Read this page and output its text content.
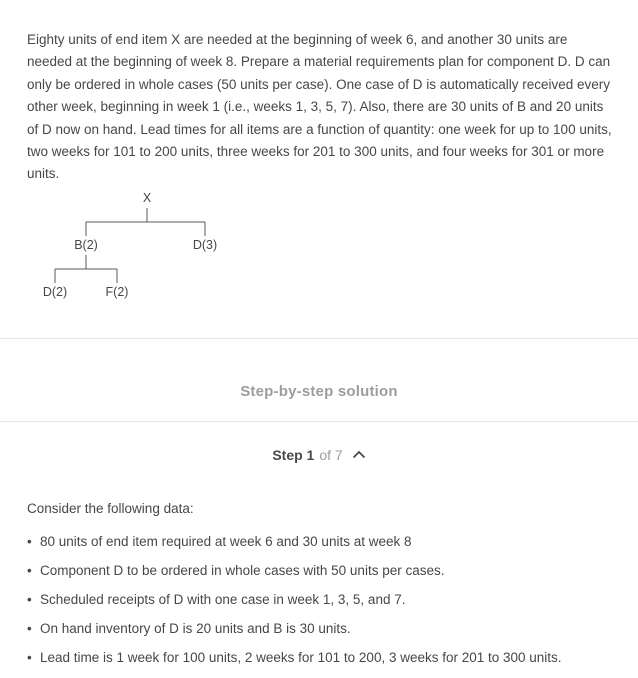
Eighty units of end item X are needed at the beginning of week 6, and another 30 units are needed at the beginning of week 8. Prepare a material requirements plan for component D. D can only be ordered in whole cases (50 units per case). One case of D is automatically received every other week, beginning in week 1 (i.e., weeks 1, 3, 5, 7). Also, there are 30 units of B and 20 units of D now on hand. Lead times for all items are a function of quantity: one week for up to 100 units, two weeks for 101 to 200 units, three weeks for 201 to 300 units, and four weeks for 301 or more units.

X
B(2)	D(3)
D(2)	F(2)
Step-by-step solution
Step 1 of 7

Consider the following data:

• 80 units of end item required at week 6 and 30 units at week 8
• Component D to be ordered in whole cases with 50 units per cases.
• Scheduled receipts of D with one case in week 1, 3, 5, and 7.
• On hand inventory of D is 20 units and B is 30 units.
• Lead time is 1 week for 100 units, 2 weeks for 101 to 200, 3 weeks for 201 to 300 units.
